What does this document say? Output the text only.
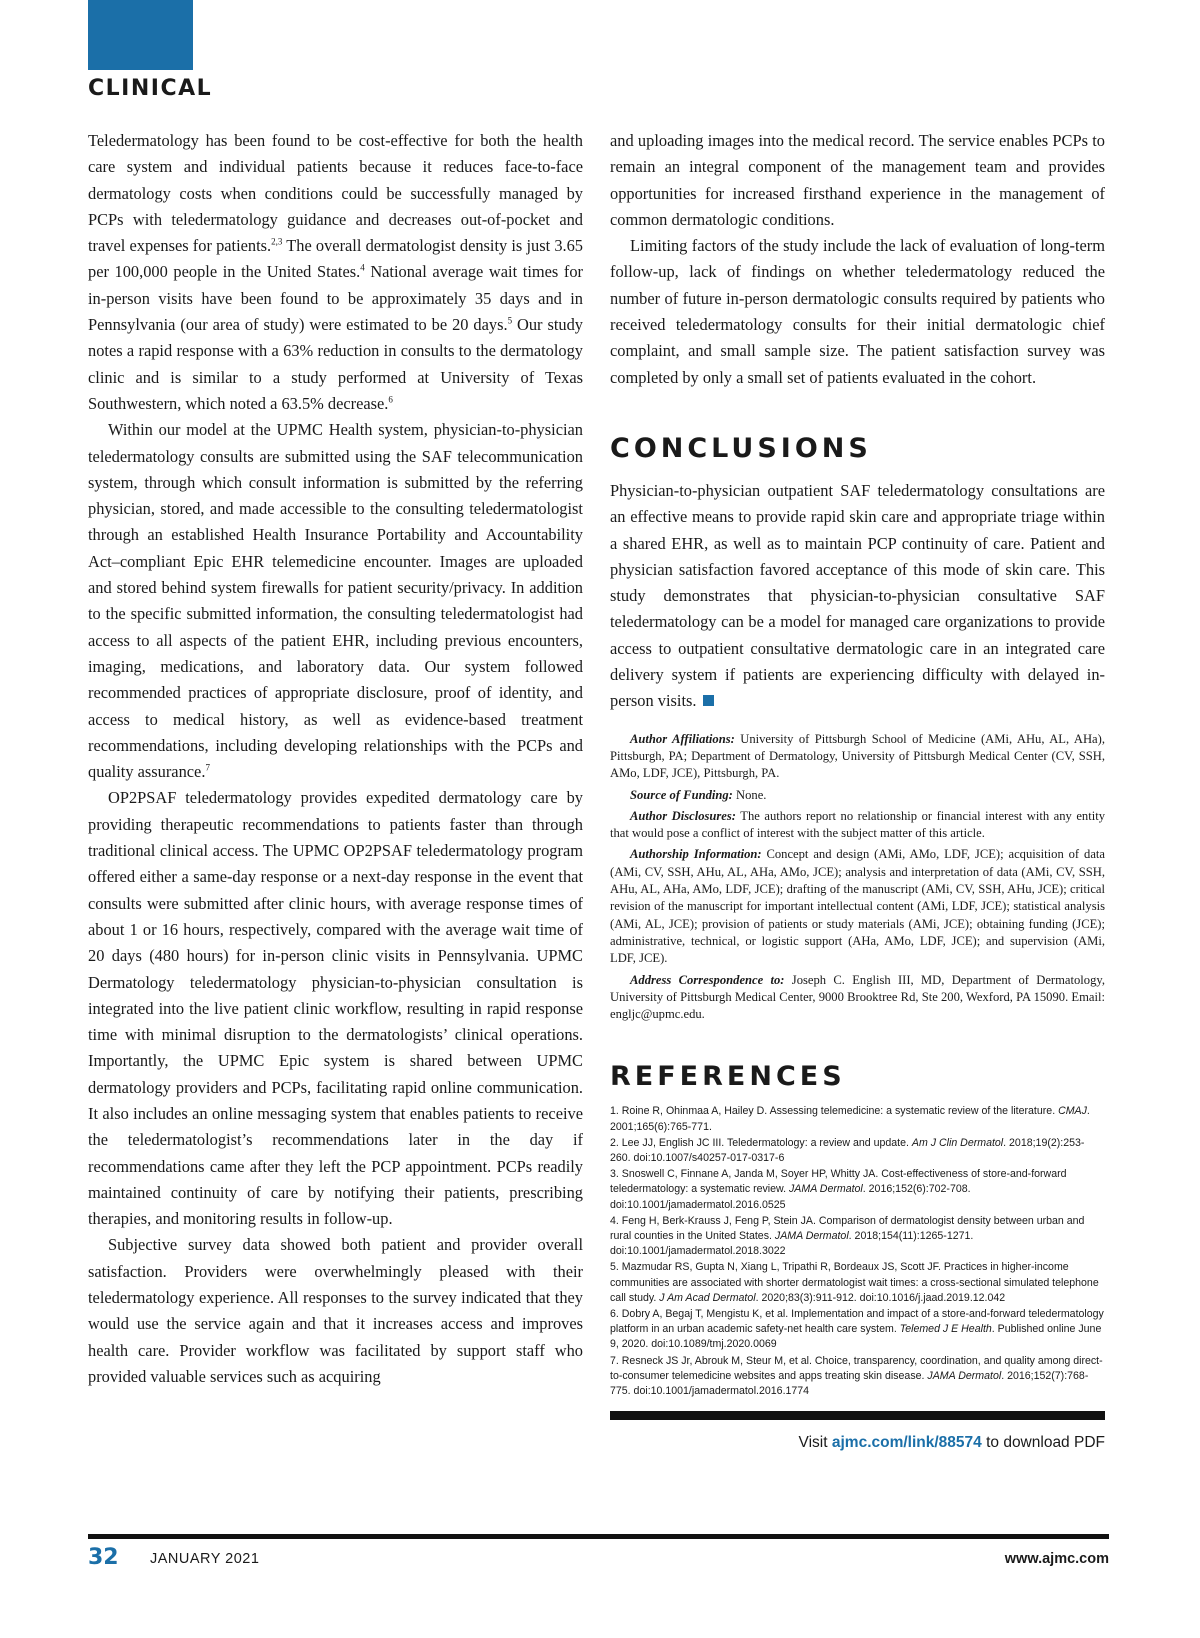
CLINICAL

Teledermatology has been found to be cost-effective for both the health care system and individual patients because it reduces face-to-face dermatology costs when conditions could be successfully managed by PCPs with teledermatology guidance and decreases out-of-pocket and travel expenses for patients.$^{2,3}$ The overall dermatologist density is just 3.65 per 100,000 people in the United States.$^4$ National average wait times for in-person visits have been found to be approximately 35 days and in Pennsylvania (our area of study) were estimated to be 20 days.$^5$ Our study notes a rapid response with a 63% reduction in consults to the dermatology clinic and is similar to a study performed at University of Texas Southwestern, which noted a 63.5% decrease.$^6$

Within our model at the UPMC Health system, physician-to-physician teledermatology consults are submitted using the SAF telecommunication system, through which consult information is submitted by the referring physician, stored, and made accessible to the consulting teledermatologist through an established Health Insurance Portability and Accountability Act–compliant Epic EHR telemedicine encounter. Images are uploaded and stored behind system firewalls for patient security/privacy. In addition to the specific submitted information, the consulting teledermatologist had access to all aspects of the patient EHR, including previous encounters, imaging, medications, and laboratory data. Our system followed recommended practices of appropriate disclosure, proof of identity, and access to medical history, as well as evidence-based treatment recommendations, including developing relationships with the PCPs and quality assurance.$^7$

OP2PSAF teledermatology provides expedited dermatology care by providing therapeutic recommendations to patients faster than through traditional clinical access. The UPMC OP2PSAF teledermatology program offered either a same-day response or a next-day response in the event that consults were submitted after clinic hours, with average response times of about 1 or 16 hours, respectively, compared with the average wait time of 20 days (480 hours) for in-person clinic visits in Pennsylvania. UPMC Dermatology teledermatology physician-to-physician consultation is integrated into the live patient clinic workflow, resulting in rapid response time with minimal disruption to the dermatologists’ clinical operations. Importantly, the UPMC Epic system is shared between UPMC dermatology providers and PCPs, facilitating rapid online communication. It also includes an online messaging system that enables patients to receive the teledermatologist’s recommendations later in the day if recommendations came after they left the PCP appointment. PCPs readily maintained continuity of care by notifying their patients, prescribing therapies, and monitoring results in follow-up.

Subjective survey data showed both patient and provider overall satisfaction. Providers were overwhelmingly pleased with their teledermatology experience. All responses to the survey indicated that they would use the service again and that it increases access and improves health care. Provider workflow was facilitated by support staff who provided valuable services such as acquiring

and uploading images into the medical record. The service enables PCPs to remain an integral component of the management team and provides opportunities for increased firsthand experience in the management of common dermatologic conditions.

Limiting factors of the study include the lack of evaluation of long-term follow-up, lack of findings on whether teledermatology reduced the number of future in-person dermatologic consults required by patients who received teledermatology consults for their initial dermatologic chief complaint, and small sample size. The patient satisfaction survey was completed by only a small set of patients evaluated in the cohort.

CONCLUSIONS

Physician-to-physician outpatient SAF teledermatology consultations are an effective means to provide rapid skin care and appropriate triage within a shared EHR, as well as to maintain PCP continuity of care. Patient and physician satisfaction favored acceptance of this mode of skin care. This study demonstrates that physician-to-physician consultative SAF teledermatology can be a model for managed care organizations to provide access to outpatient consultative dermatologic care in an integrated care delivery system if patients are experiencing difficulty with delayed in-person visits.

Author Affiliations: University of Pittsburgh School of Medicine (AMi, AHu, AL, AHa), Pittsburgh, PA; Department of Dermatology, University of Pittsburgh Medical Center (CV, SSH, AMo, LDF, JCE), Pittsburgh, PA.

Source of Funding: None.

Author Disclosures: The authors report no relationship or financial interest with any entity that would pose a conflict of interest with the subject matter of this article.

Authorship Information: Concept and design (AMi, AMo, LDF, JCE); acquisition of data (AMi, CV, SSH, AHu, AL, AHa, AMo, JCE); analysis and interpretation of data (AMi, CV, SSH, AHu, AL, AHa, AMo, LDF, JCE); drafting of the manuscript (AMi, CV, SSH, AHu, JCE); critical revision of the manuscript for important intellectual content (AMi, LDF, JCE); statistical analysis (AMi, AL, JCE); provision of patients or study materials (AMi, JCE); obtaining funding (JCE); administrative, technical, or logistic support (AHa, AMo, LDF, JCE); and supervision (AMi, LDF, JCE).

Address Correspondence to: Joseph C. English III, MD, Department of Dermatology, University of Pittsburgh Medical Center, 9000 Brooktree Rd, Ste 200, Wexford, PA 15090. Email: engljc@upmc.edu.

REFERENCES
1. Roine R, Ohinmaa A, Hailey D. Assessing telemedicine: a systematic review of the literature. CMAJ. 2001;165(6):765-771.
2. Lee JJ, English JC III. Teledermatology: a review and update. Am J Clin Dermatol. 2018;19(2):253-260. doi:10.1007/s40257-017-0317-6
3. Snoswell C, Finnane A, Janda M, Soyer HP, Whitty JA. Cost-effectiveness of store-and-forward teledermatology: a systematic review. JAMA Dermatol. 2016;152(6):702-708. doi:10.1001/jamadermatol.2016.0525
4. Feng H, Berk-Krauss J, Feng P, Stein JA. Comparison of dermatologist density between urban and rural counties in the United States. JAMA Dermatol. 2018;154(11):1265-1271. doi:10.1001/jamadermatol.2018.3022
5. Mazmudar RS, Gupta N, Xiang L, Tripathi R, Bordeaux JS, Scott JF. Practices in higher-income communities are associated with shorter dermatologist wait times: a cross-sectional simulated telephone call study. J Am Acad Dermatol. 2020;83(3):911-912. doi:10.1016/j.jaad.2019.12.042
6. Dobry A, Begaj T, Mengistu K, et al. Implementation and impact of a store-and-forward teledermatology platform in an urban academic safety-net health care system. Telemed J E Health. Published online June 9, 2020. doi:10.1089/tmj.2020.0069
7. Resneck JS Jr, Abrouk M, Steur M, et al. Choice, transparency, coordination, and quality among direct-to-consumer telemedicine websites and apps treating skin disease. JAMA Dermatol. 2016;152(7):768-775. doi:10.1001/jamadermatol.2016.1774
Visit ajmc.com/link/88574 to download PDF
32 JANUARY 2021	www.ajmc.com
